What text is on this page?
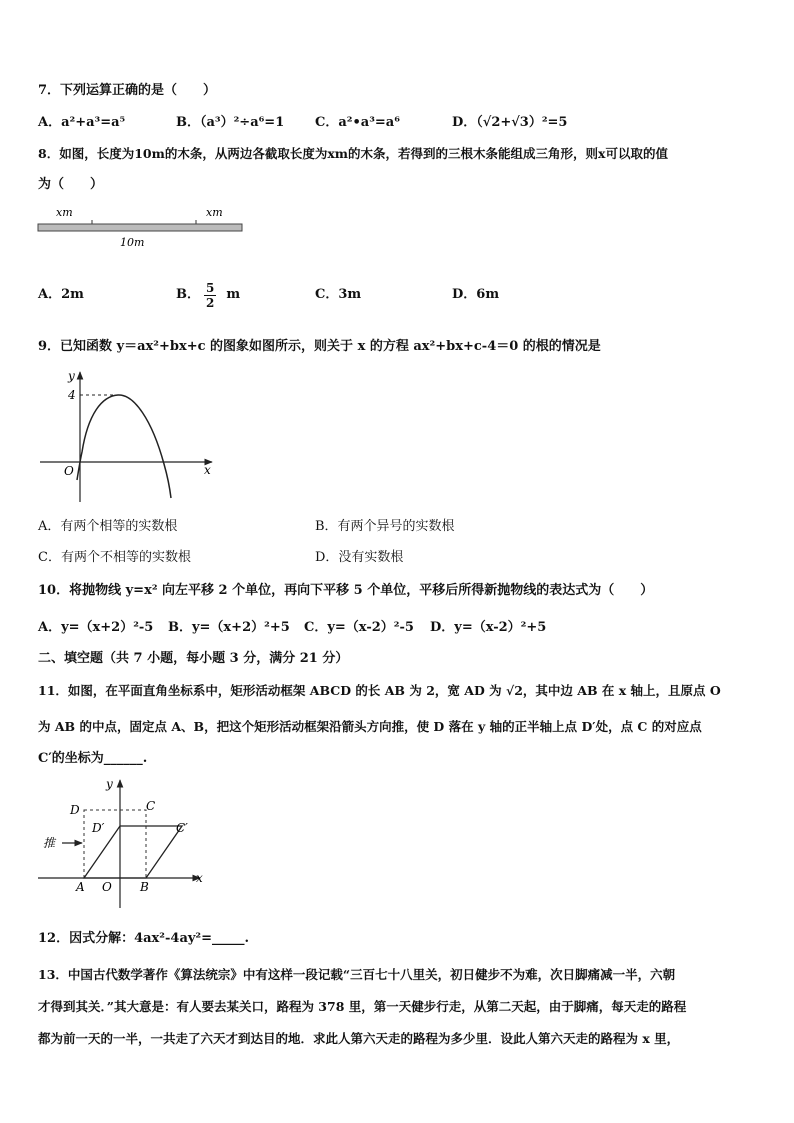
7．下列运算正确的是（　　）
A．a²+a³=a⁵	B．（a³）²÷a⁶=1 C．a²•a³=a⁶	D．（√2+√3）²=5
8．如图，长度为10m的木条，从两边各截取长度为xm的木条，若得到的三根木条能组成三角形，则x可以取的值
为（　　）
xm	xm
10m
A．2m	B． $\frac{5}{2}$ m	C．3m	D．6m
9．已知函数 y＝ax²+bx+c 的图象如图所示，则关于 x 的方程 ax²+bx+c-4＝0 的根的情况是
y
x
O
4
A．有两个相等的实数根	B．有两个异号的实数根
C．有两个不相等的实数根	D．没有实数根
10．将抛物线 y=x² 向左平移 2 个单位，再向下平移 5 个单位，平移后所得新抛物线的表达式为（　　）
A．y=（x+2）²-5 B．y=（x+2）²+5 C．y=（x-2）²-5 D．y=（x-2）²+5
二、填空题（共 7 小题，每小题 3 分，满分 21 分）
11．如图，在平面直角坐标系中，矩形活动框架 ABCD 的长 AB 为 2，宽 AD 为 √2，其中边 AB 在 x 轴上，且原点 O
为 AB 的中点，固定点 A、B，把这个矩形活动框架沿箭头方向推，使 D 落在 y 轴的正半轴上点 D′处，点 C 的对应点
C′的坐标为______.
推
y
x
D	C
D′	C′
A O B
12．因式分解：4ax²-4ay²=_____.
13．中国古代数学著作《算法统宗》中有这样一段记载“三百七十八里关，初日健步不为难，次日脚痛减一半，六朝
才得到其关．”其大意是：有人要去某关口，路程为 378 里，第一天健步行走，从第二天起，由于脚痛，每天走的路程
都为前一天的一半，一共走了六天才到达目的地．求此人第六天走的路程为多少里．设此人第六天走的路程为 x 里，
